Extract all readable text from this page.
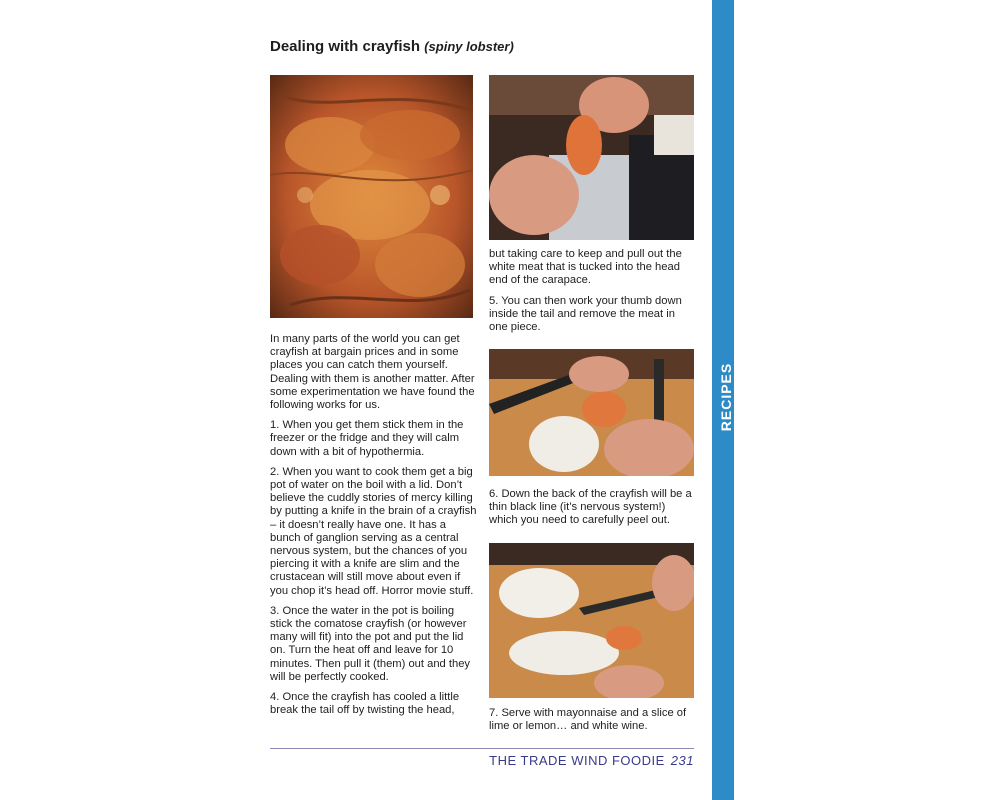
Dealing with crayfish (spiny lobster)

In many parts of the world you can get crayfish at bargain prices and in some places you can catch them yourself. Dealing with them is another matter. After some experimentation we have found the following works for us.

1. When you get them stick them in the freezer or the fridge and they will calm down with a bit of hypothermia.

2. When you want to cook them get a big pot of water on the boil with a lid. Don’t believe the cuddly stories of mercy killing by putting a knife in the brain of a crayfish – it doesn’t really have one. It has a bunch of ganglion serving as a central nervous system, but the chances of you piercing it with a knife are slim and the crustacean will still move about even if you chop it’s head off. Horror movie stuff.

3. Once the water in the pot is boiling stick the comatose crayfish (or however many will fit) into the pot and put the lid on. Turn the heat off and leave for 10 minutes. Then pull it (them) out and they will be perfectly cooked.

4. Once the crayfish has cooled a little break the tail off by twisting the head,

but taking care to keep and pull out the white meat that is tucked into the head end of the carapace.

5. You can then work your thumb down inside the tail and remove the meat in one piece.

6. Down the back of the crayfish will be a thin black line (it’s nervous system!) which you need to carefully peel out.

7. Serve with mayonnaise and a slice of lime or lemon… and white wine.

THE TRADE WIND FOODIE 231
RECIPES
